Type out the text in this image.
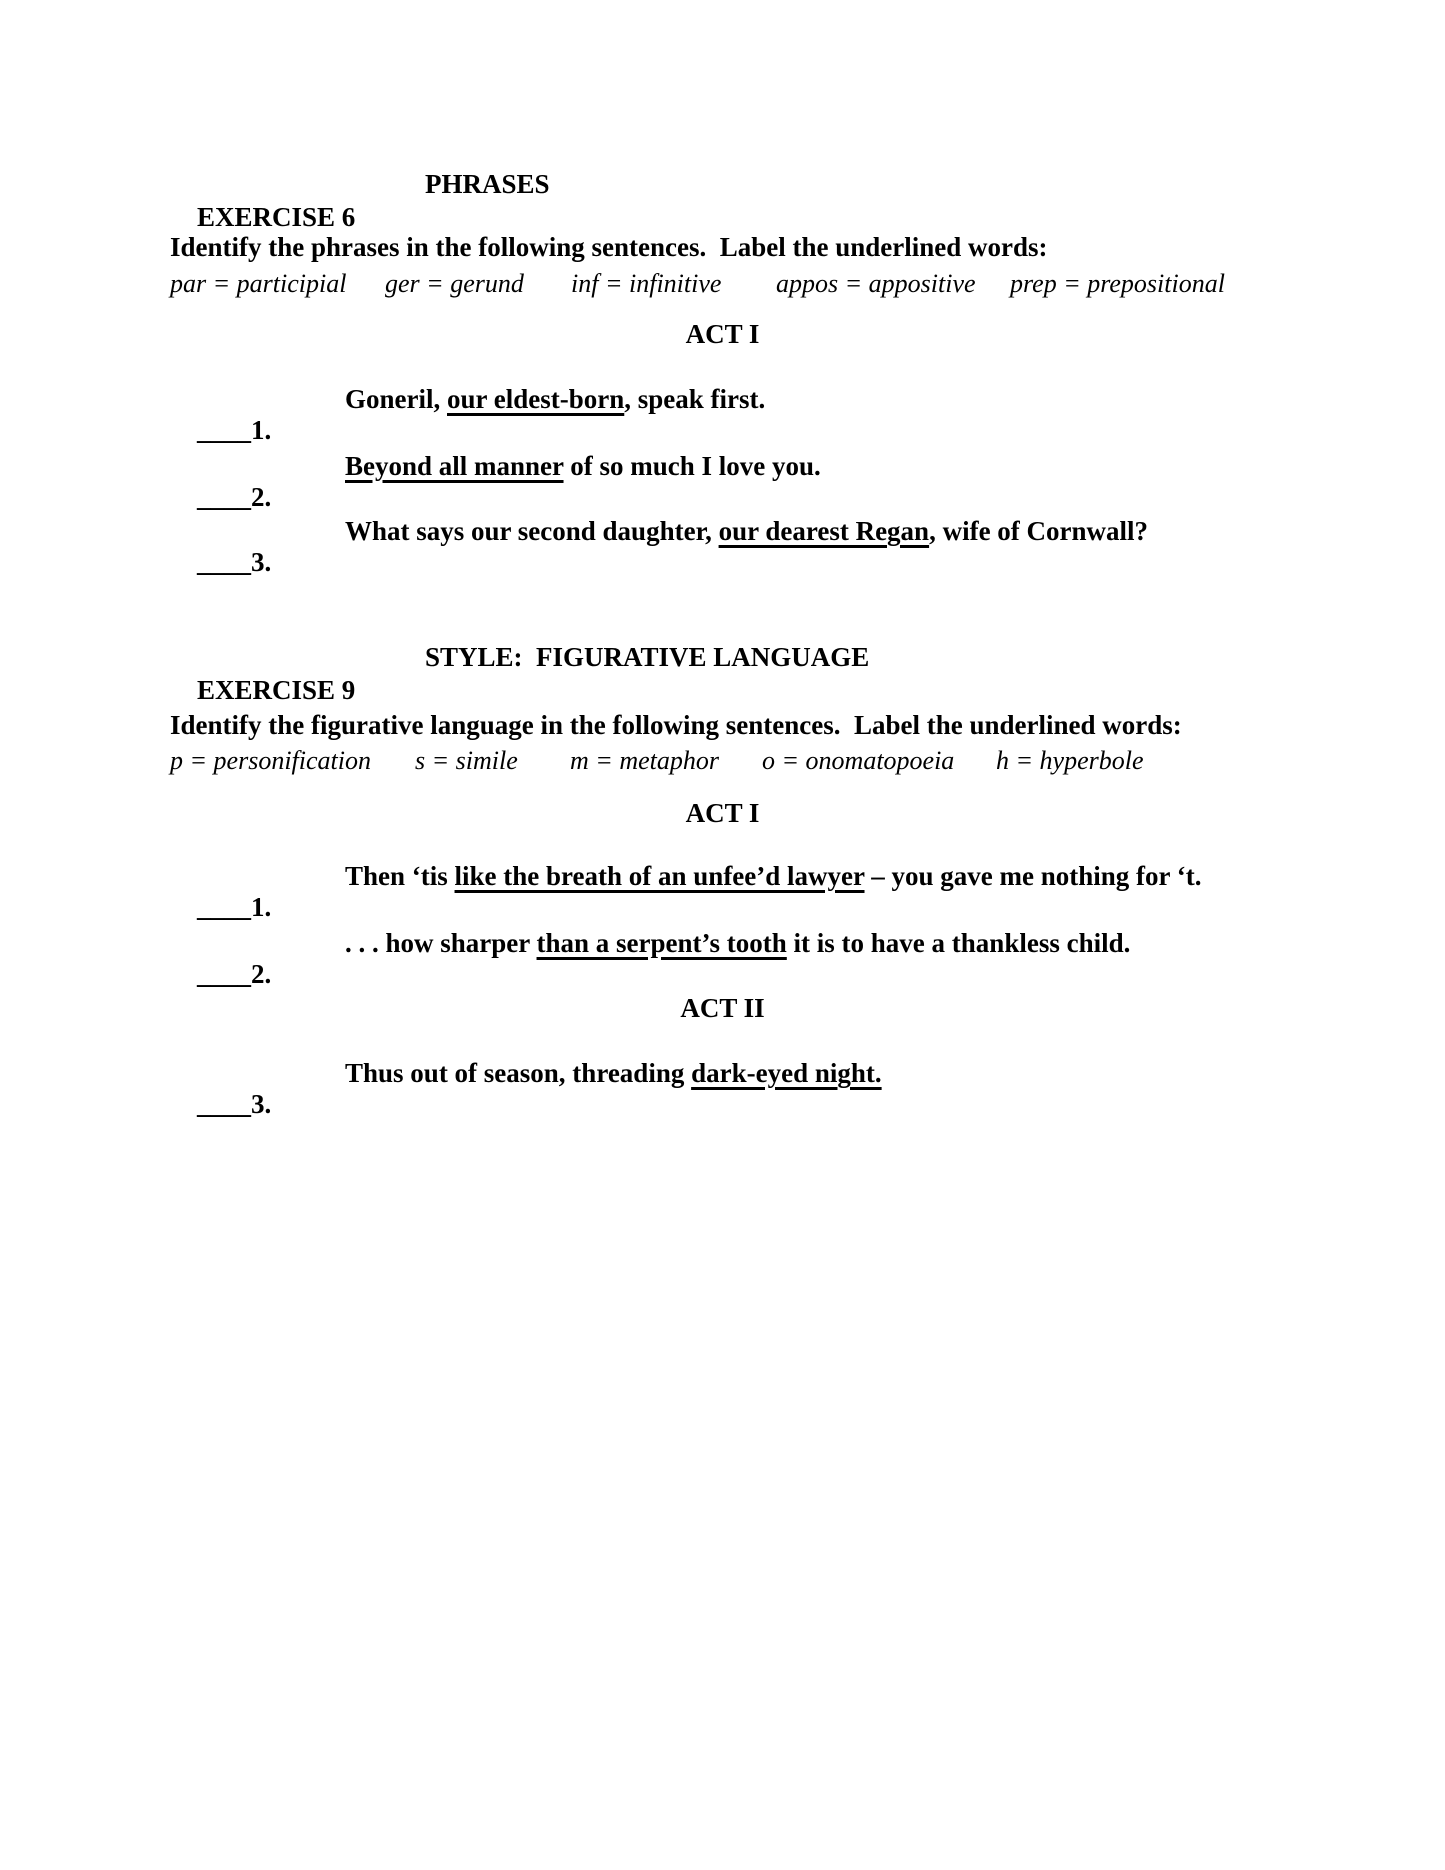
EXERCISE 6

PHRASES

Identify the phrases in the following sentences.  Label the underlined words:
par = participial ger = gerund inf = infinitive appos = appositive prep = prepositional
ACT I

____1.

Goneril, our eldest-born, speak first.

____2.

Beyond all manner of so much I love you.

____3.

What says our second daughter, our dearest Regan, wife of Cornwall?

EXERCISE 9

STYLE:  FIGURATIVE LANGUAGE

Identify the figurative language in the following sentences.  Label the underlined words:
p = personification s = simile m = metaphor o = onomatopoeia h = hyperbole
ACT I

____1.

Then ‘tis like the breath of an unfee’d lawyer – you gave me nothing for ‘t.

____2.

. . . how sharper than a serpent’s tooth it is to have a thankless child.

ACT II

____3.

Thus out of season, threading dark-eyed night.
